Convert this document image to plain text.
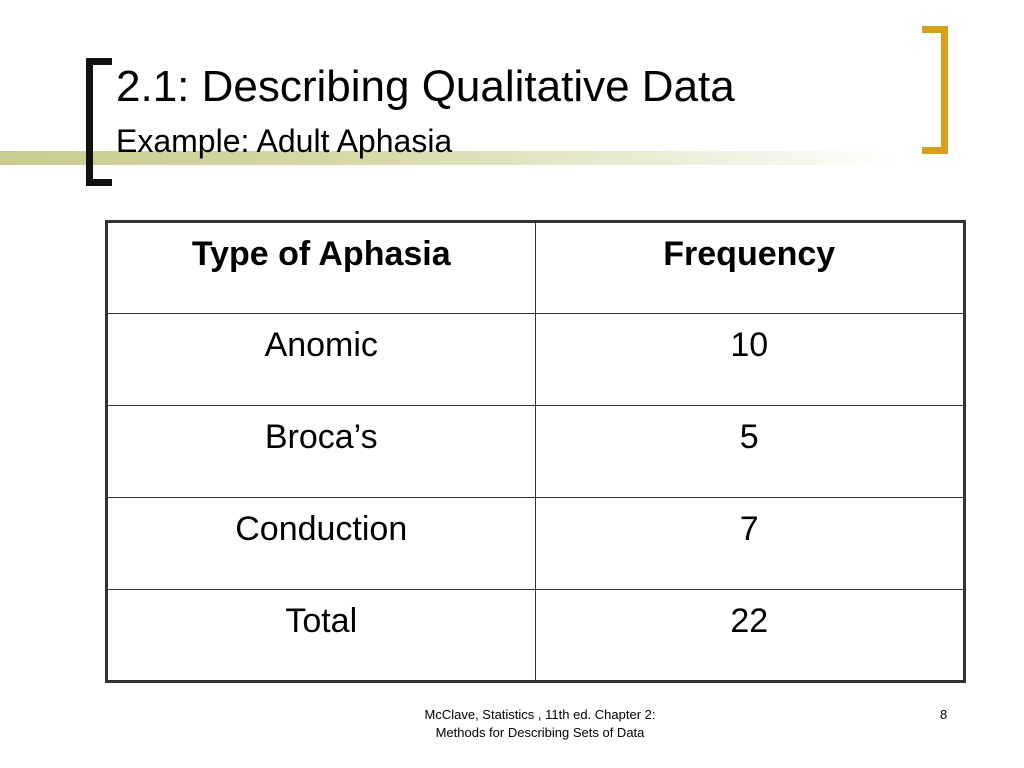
2.1: Describing Qualitative Data
Example: Adult Aphasia
Type of Aphasia	Frequency
Anomic	10
Broca’s	5
Conduction	7
Total	22
McClave, Statistics , 11th ed. Chapter 2:
Methods for Describing Sets of Data
8
